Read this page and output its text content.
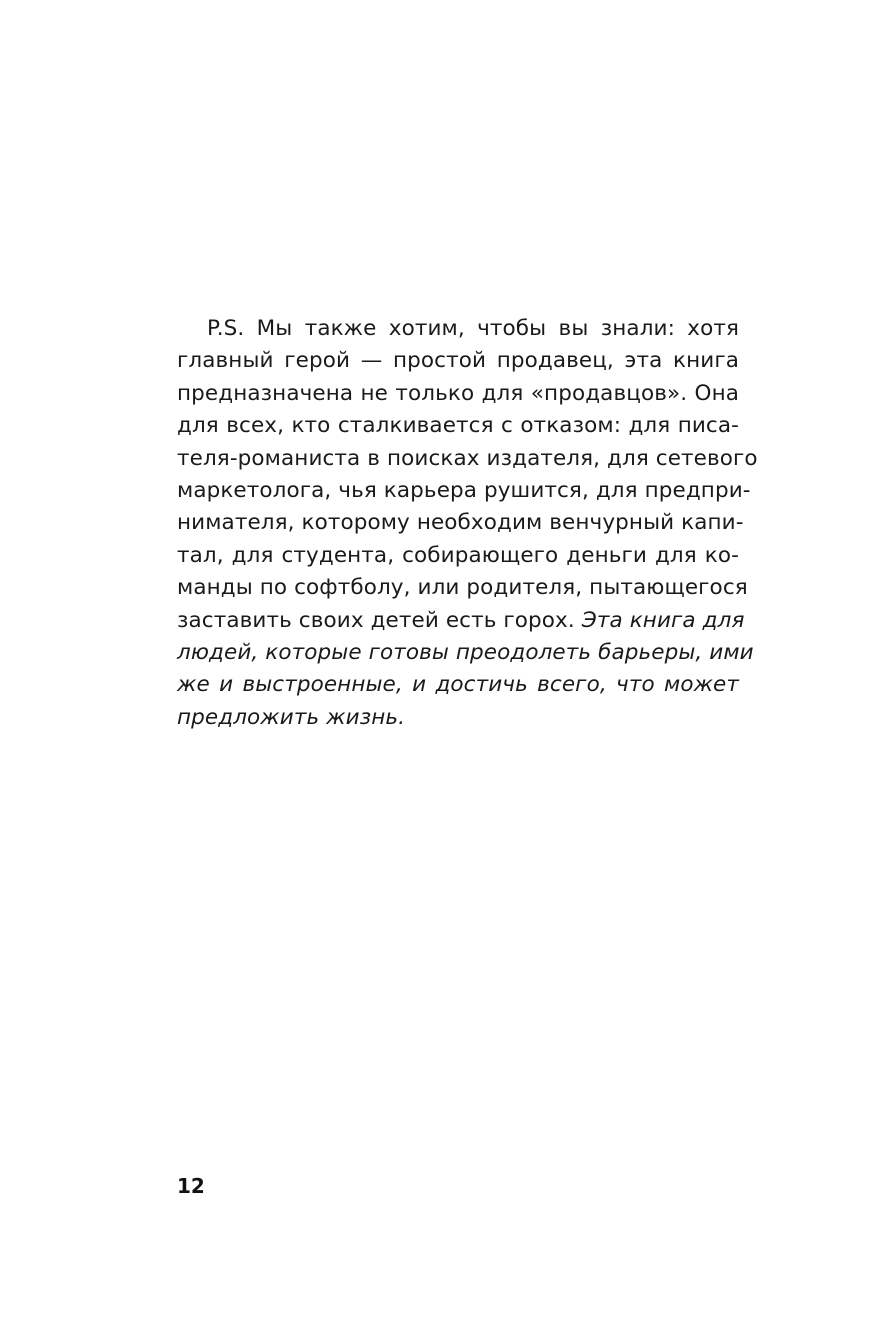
P.S. Мы также хотим, чтобы вы знали: хотя
главный герой — простой продавец, эта книга
предназначена не только для «продавцов». Она
для всех, кто сталкивается с отказом: для писа-
теля-романиста в поисках издателя, для сетевого
маркетолога, чья карьера рушится, для предпри-
нимателя, которому необходим венчурный капи-
тал, для студента, собирающего деньги для ко-
манды по софтболу, или родителя, пытающегося
заставить своих детей есть горох. Эта книга для
людей, которые готовы преодолеть барьеры, ими
же и выстроенные, и достичь всего, что может
предложить жизнь.
12
